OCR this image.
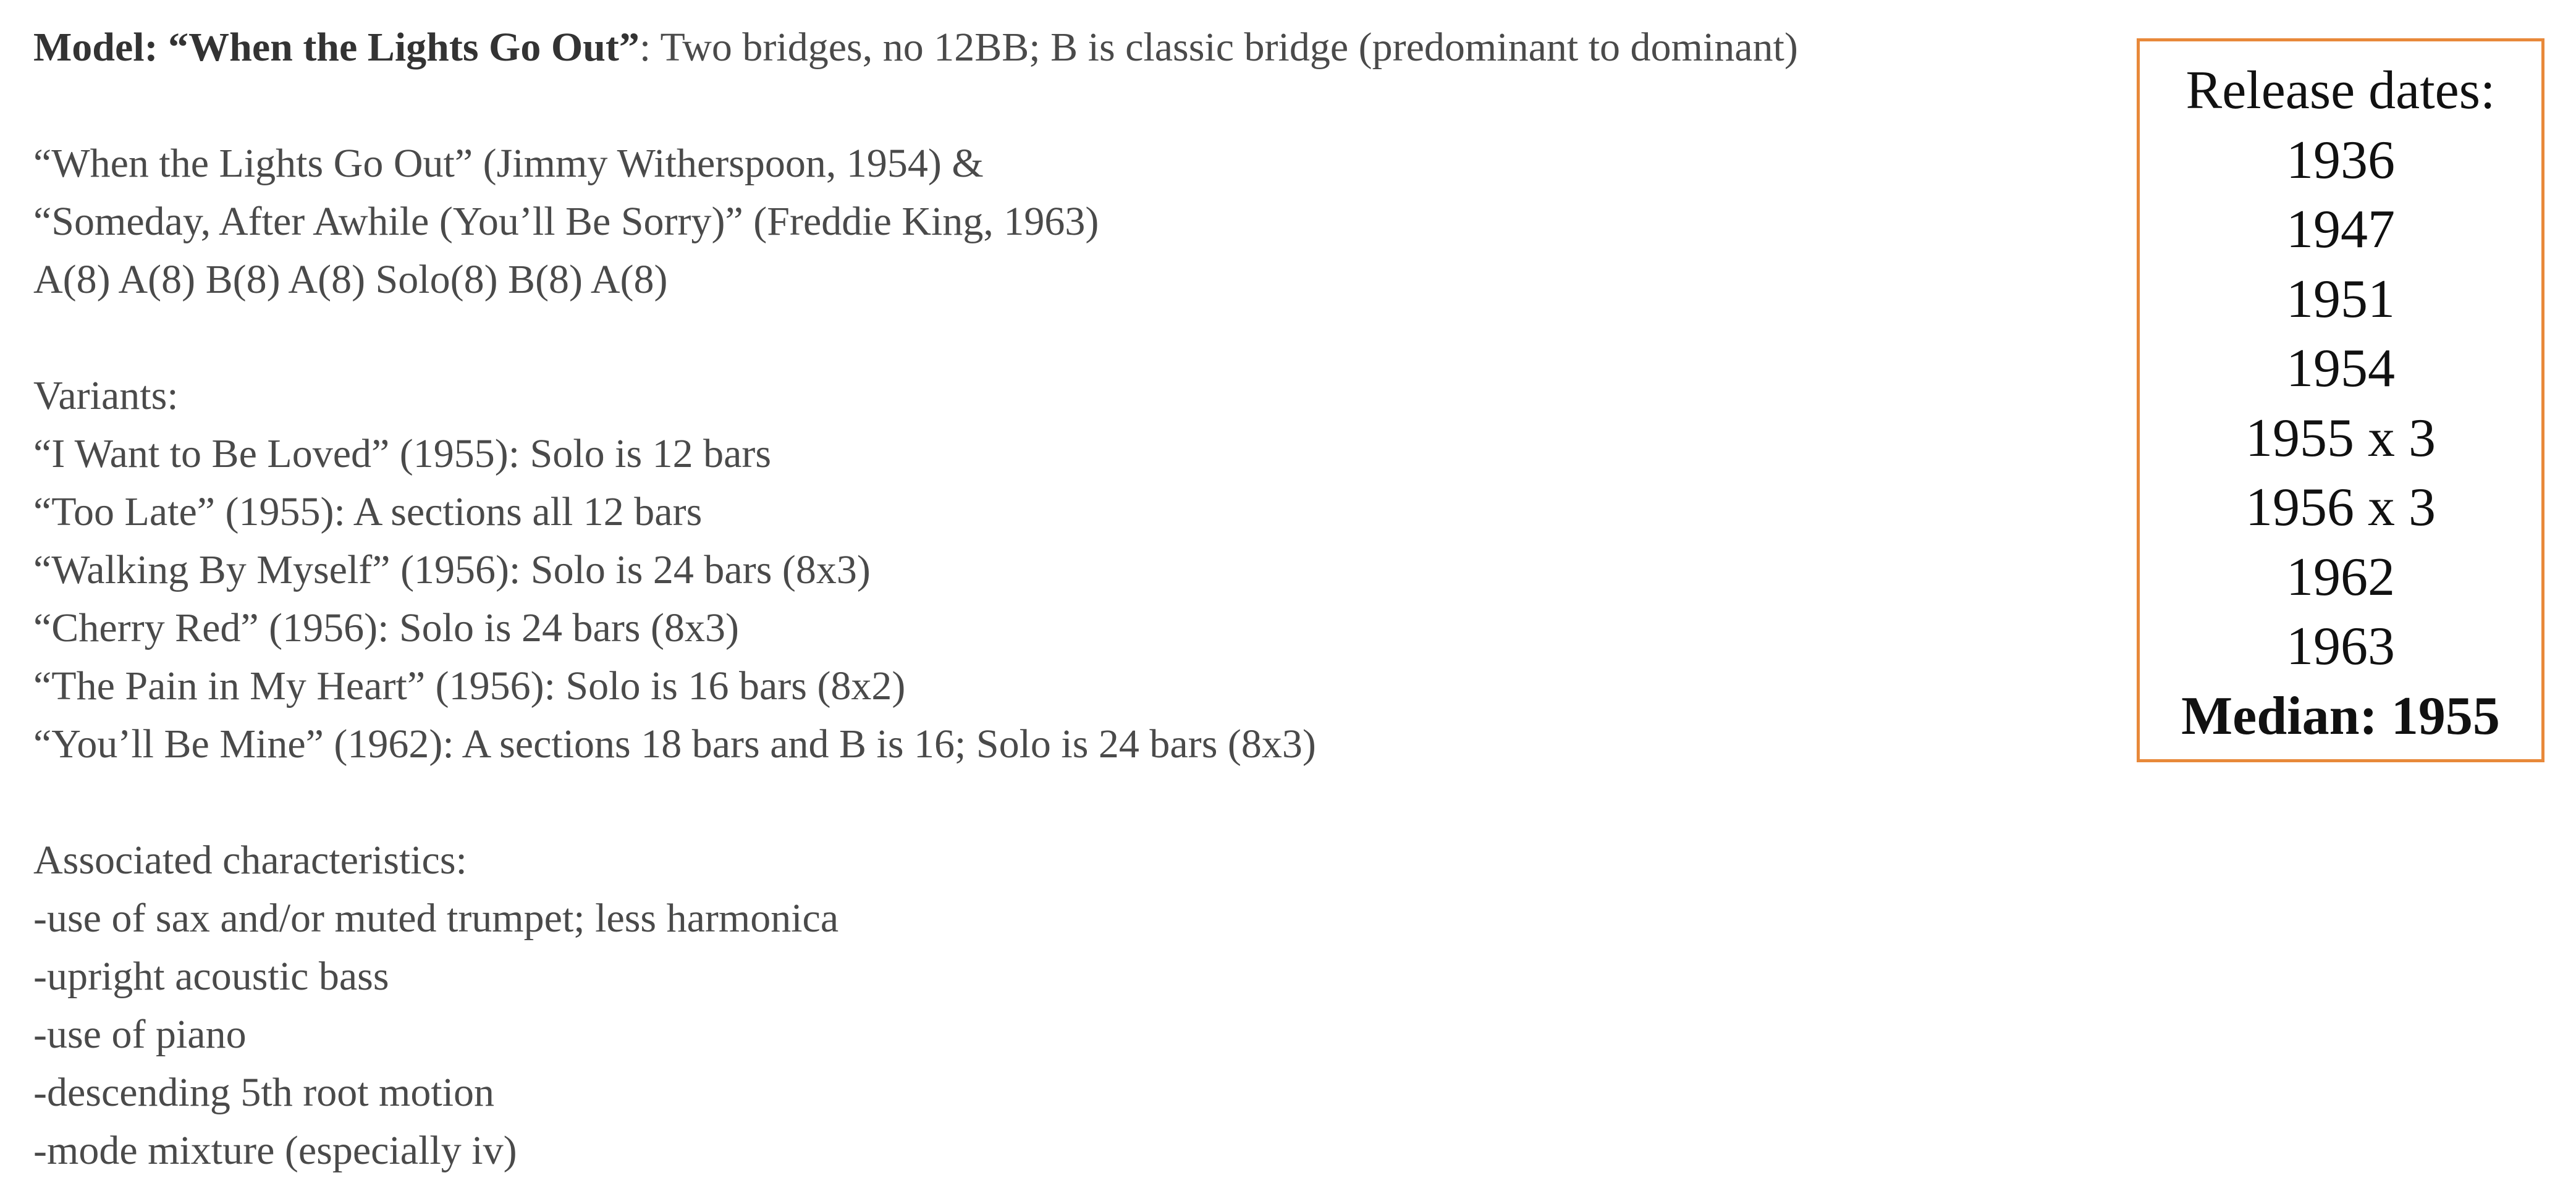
Model: “When the Lights Go Out”: Two bridges, no 12BB; B is classic bridge (predominant to dominant)
“When the Lights Go Out” (Jimmy Witherspoon, 1954) &
“Someday, After Awhile (You’ll Be Sorry)” (Freddie King, 1963)
A(8) A(8) B(8) A(8) Solo(8) B(8) A(8)
Variants:
“I Want to Be Loved” (1955): Solo is 12 bars
“Too Late” (1955): A sections all 12 bars
“Walking By Myself” (1956): Solo is 24 bars (8x3)
“Cherry Red” (1956): Solo is 24 bars (8x3)
“The Pain in My Heart” (1956): Solo is 16 bars (8x2)
“You’ll Be Mine” (1962): A sections 18 bars and B is 16; Solo is 24 bars (8x3)
Associated characteristics:
-use of sax and/or muted trumpet; less harmonica
-upright acoustic bass
-use of piano
-descending 5th root motion
-mode mixture (especially iv)
Release dates:
1936
1947
1951
1954
1955 x 3
1956 x 3
1962
1963
Median: 1955
